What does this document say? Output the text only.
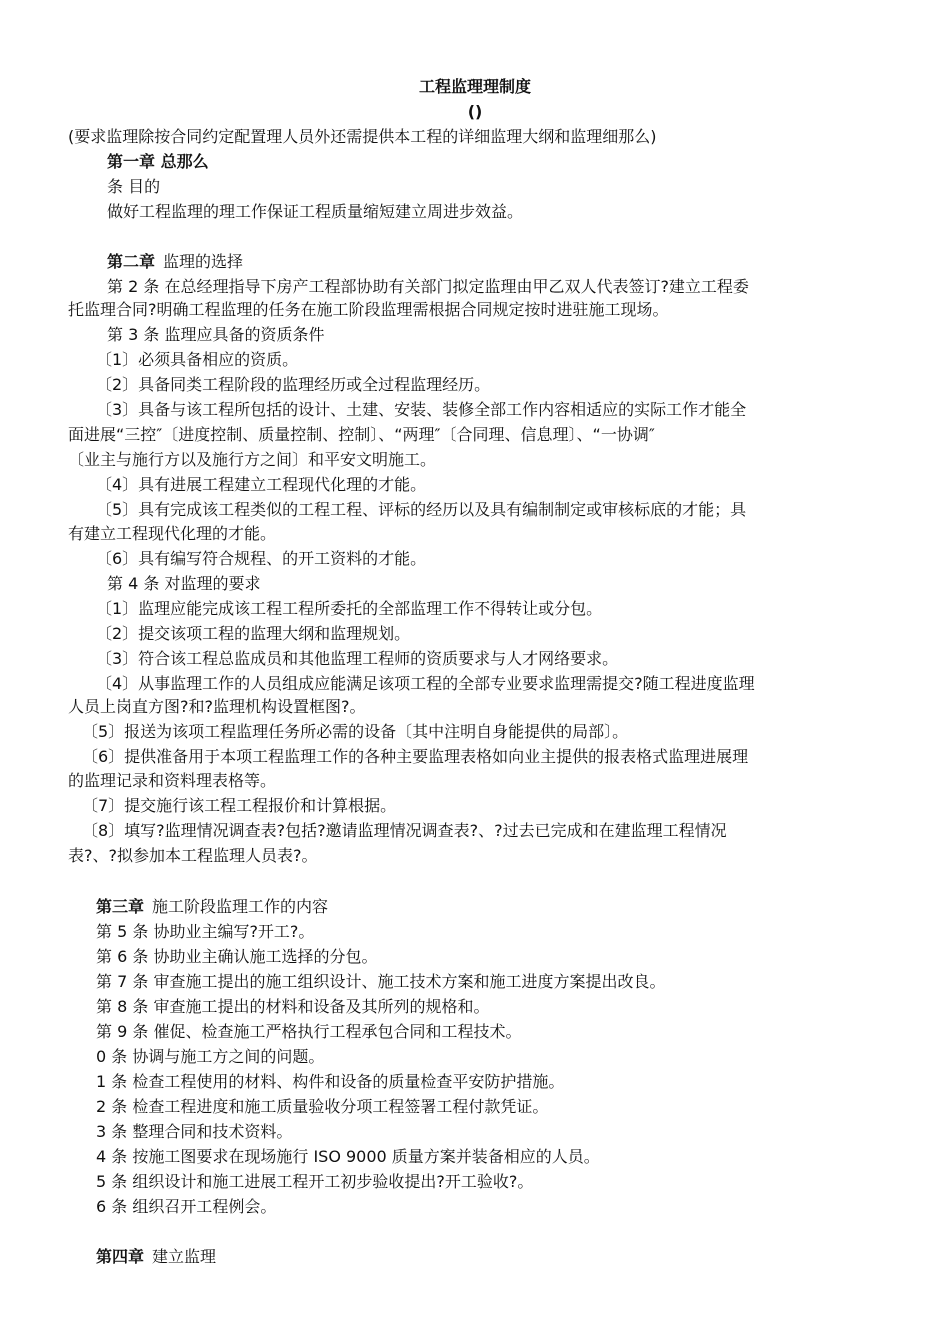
工程监理理制度
()
(要求监理除按合同约定配置理人员外还需提供本工程的详细监理大纲和监理细那么)
第一章 总那么
条 目的
做好工程监理的理工作保证工程质量缩短建立周进步效益。
第二章 监理的选择
第 2 条 在总经理指导下房产工程部协助有关部门拟定监理由甲乙双人代表签订?建立工程委
托监理合同?明确工程监理的任务在施工阶段监理需根据合同规定按时进驻施工现场。
第 3 条 监理应具备的资质条件
〔1〕必须具备相应的资质。
〔2〕具备同类工程阶段的监理经历或全过程监理经历。
〔3〕具备与该工程所包括的设计、土建、安装、装修全部工作内容相适应的实际工作才能全
面进展“三控″〔进度控制、质量控制、控制〕、“两理″〔合同理、信息理〕、“一协调″
〔业主与施行方以及施行方之间〕和平安文明施工。
〔4〕具有进展工程建立工程现代化理的才能。
〔5〕具有完成该工程类似的工程工程、评标的经历以及具有编制制定或审核标底的才能；具
有建立工程现代化理的才能。
〔6〕具有编写符合规程、的开工资料的才能。
第 4 条 对监理的要求
〔1〕监理应能完成该工程工程所委托的全部监理工作不得转让或分包。
〔2〕提交该项工程的监理大纲和监理规划。
〔3〕符合该工程总监成员和其他监理工程师的资质要求与人才网络要求。
〔4〕从事监理工作的人员组成应能满足该项工程的全部专业要求监理需提交?随工程进度监理
人员上岗直方图?和?监理机构设置框图?。
〔5〕报送为该项工程监理任务所必需的设备〔其中注明自身能提供的局部〕。
〔6〕提供准备用于本项工程监理工作的各种主要监理表格如向业主提供的报表格式监理进展理
的监理记录和资料理表格等。
〔7〕提交施行该工程工程报价和计算根据。
〔8〕填写?监理情况调查表?包括?邀请监理情况调查表?、?过去已完成和在建监理工程情况
表?、?拟参加本工程监理人员表?。
第三章 施工阶段监理工作的内容
第 5 条 协助业主编写?开工?。
第 6 条 协助业主确认施工选择的分包。
第 7 条 审查施工提出的施工组织设计、施工技术方案和施工进度方案提出改良。
第 8 条 审查施工提出的材料和设备及其所列的规格和。
第 9 条 催促、检查施工严格执行工程承包合同和工程技术。
0 条 协调与施工方之间的问题。
1 条 检查工程使用的材料、构件和设备的质量检查平安防护措施。
2 条 检查工程进度和施工质量验收分项工程签署工程付款凭证。
3 条 整理合同和技术资料。
4 条 按施工图要求在现场施行 ISO 9000 质量方案并装备相应的人员。
5 条 组织设计和施工进展工程开工初步验收提出?开工验收?。
6 条 组织召开工程例会。
第四章 建立监理
